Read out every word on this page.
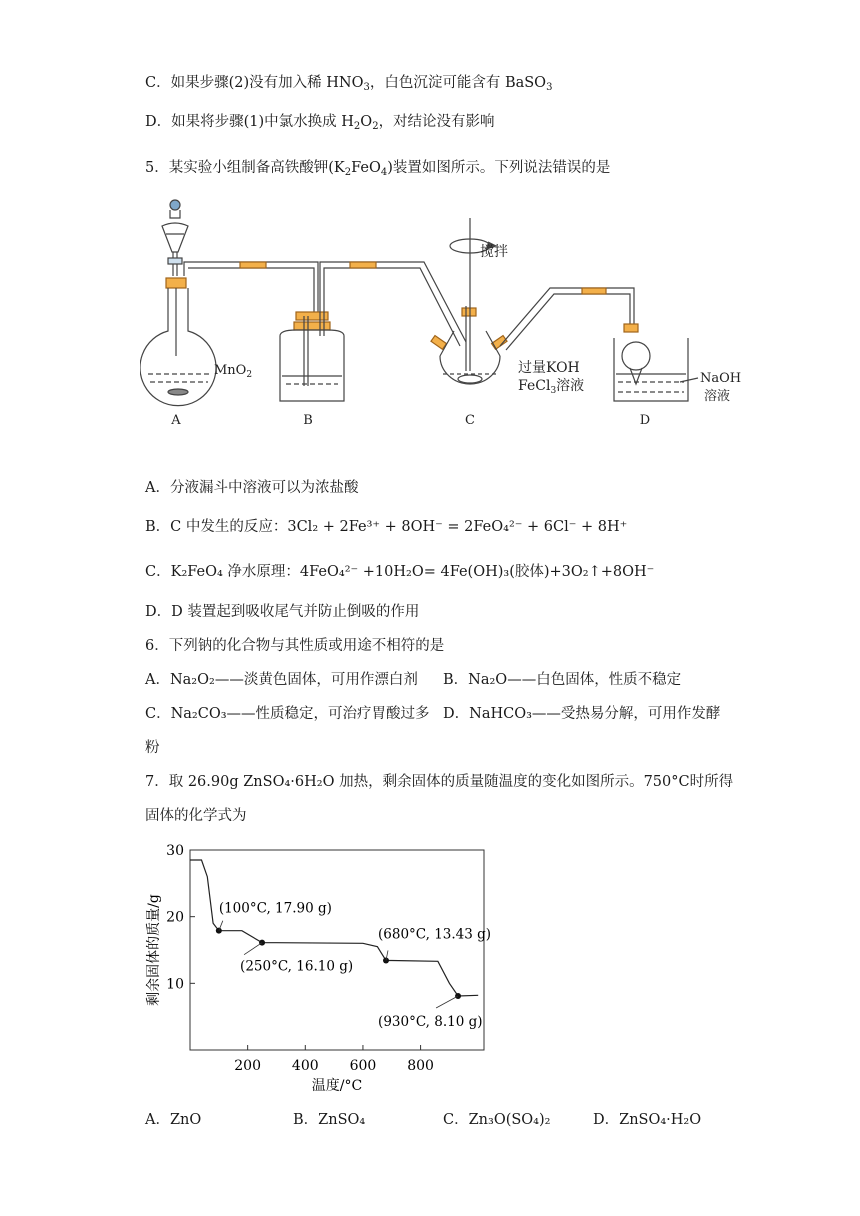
C．如果步骤(2)没有加入稀 $HNO_3$，白色沉淀可能含有 BaSO$_3$
D．如果将步骤(1)中氯水换成 $H_2O_2$，对结论没有影响
5．某实验小组制备高铁酸钾$(K_2FeO_4)$装置如图所示。下列说法错误的是
A	B	C	D
MnO$_2$
搅拌
过量KOH
FeCl$_3$溶液	NaOH
溶液
A．分液漏斗中溶液可以为浓盐酸
B．C 中发生的反应：3Cl₂ + 2Fe³⁺ + 8OH⁻ = 2FeO₄²⁻ + 6Cl⁻ + 8H⁺
C．K₂FeO₄ 净水原理：4FeO₄²⁻ +10H₂O= 4Fe(OH)₃(胶体)+3O₂↑+8OH⁻
D．D 装置起到吸收尾气并防止倒吸的作用
6．下列钠的化合物与其性质或用途不相符的是
A．Na₂O₂——淡黄色固体，可用作漂白剂 B．Na₂O——白色固体，性质不稳定
C．Na₂CO₃——性质稳定，可治疗胃酸过多 D．NaHCO₃——受热易分解，可用作发酵
粉
7．取 26.90g ZnSO₄·6H₂O 加热，剩余固体的质量随温度的变化如图所示。750°C时所得
固体的化学式为
10
20
30
200 400 600 800
(100°C, 17.90 g)
(250°C, 16.10 g)
(680°C, 13.43 g)
(930°C, 8.10 g)
剩余固体的质量/g
温度/°C
A．ZnO	B．ZnSO₄	C．Zn₃O(SO₄)₂	D．ZnSO₄·H₂O
